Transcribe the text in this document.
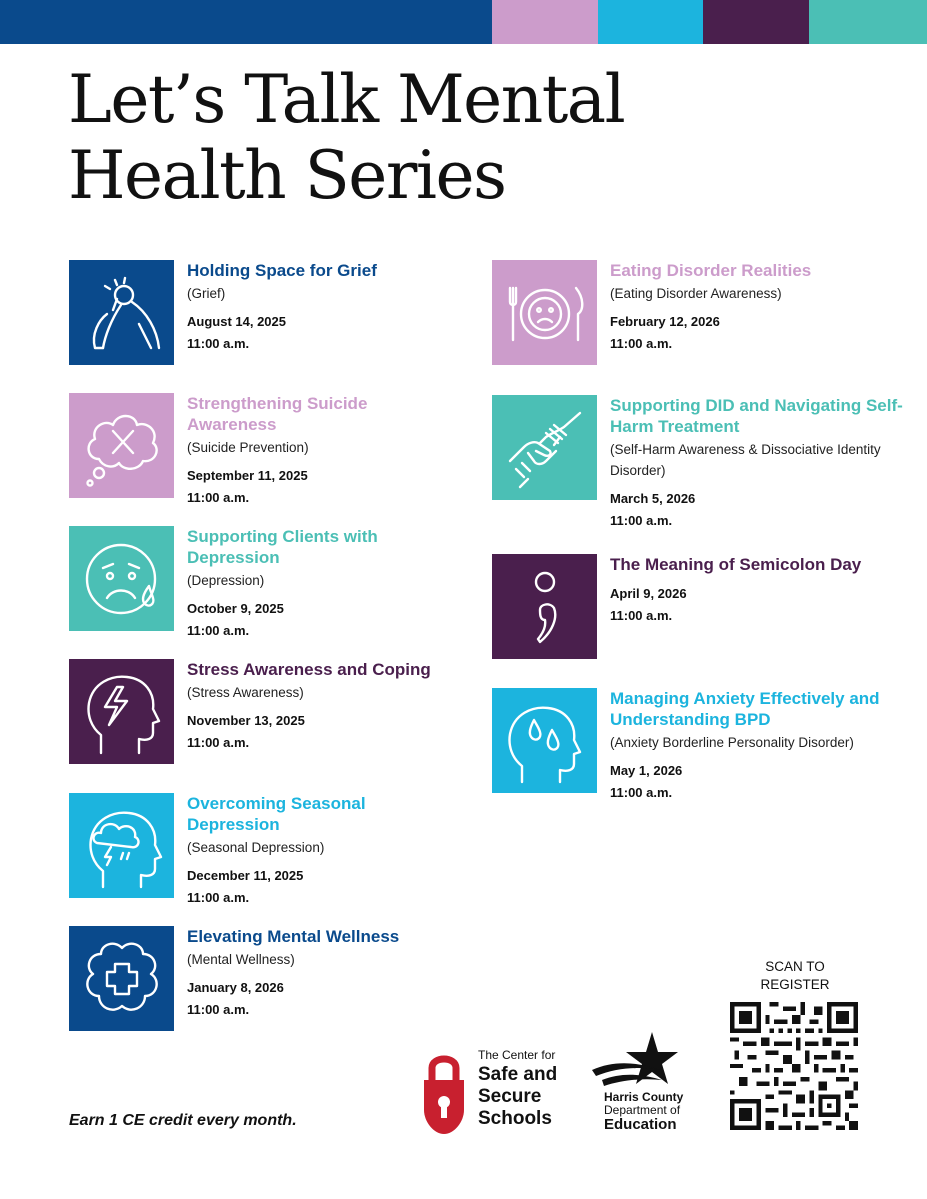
Let’s Talk Mental
Health Series
Holding Space for Grief
(Grief)
August 14, 2025
11:00 a.m.
Strengthening Suicide Awareness
(Suicide Prevention)
September 11, 2025
11:00 a.m.
Supporting Clients with Depression
(Depression)
October 9, 2025
11:00 a.m.
Stress Awareness and Coping
(Stress Awareness)
November 13, 2025
11:00 a.m.
Overcoming Seasonal Depression
(Seasonal Depression)
December 11, 2025
11:00 a.m.
Elevating Mental Wellness
(Mental Wellness)
January 8, 2026
11:00 a.m.
Eating Disorder Realities
(Eating Disorder Awareness)
February 12, 2026
11:00 a.m.
Supporting DID and Navigating Self-Harm Treatment
(Self-Harm Awareness & Dissociative Identity Disorder)
March 5, 2026
11:00 a.m.
The Meaning of Semicolon Day
April 9, 2026
11:00 a.m.
Managing Anxiety Effectively and Understanding BPD
(Anxiety Borderline Personality Disorder)
May 1, 2026
11:00 a.m.
Earn 1 CE credit every month.
The Center for
Safe and
Secure
Schools
Harris County
Department of
Education
SCAN TO
REGISTER
